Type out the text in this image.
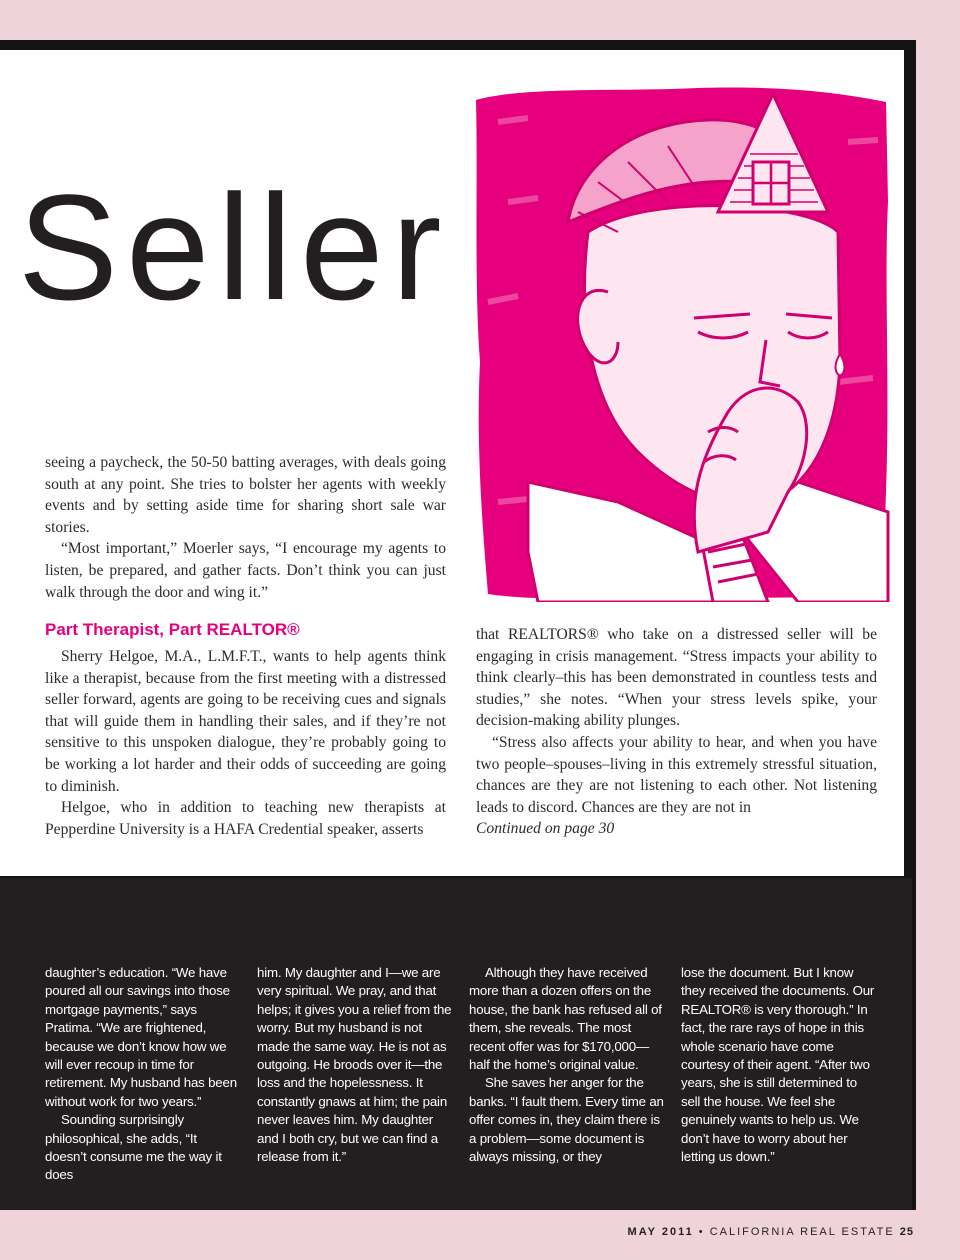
Seller

seeing a paycheck, the 50-50 batting averages, with deals going south at any point. She tries to bolster her agents with weekly events and by setting aside time for sharing short sale war stories.

“Most important,” Moerler says, “I encourage my agents to listen, be prepared, and gather facts. Don’t think you can just walk through the door and wing it.”

Part Therapist, Part REALTOR®

Sherry Helgoe, M.A., L.M.F.T., wants to help agents think like a therapist, because from the first meeting with a distressed seller forward, agents are going to be receiving cues and signals that will guide them in handling their sales, and if they’re not sensitive to this unspoken dialogue, they’re probably going to be working a lot harder and their odds of succeeding are going to diminish.

Helgoe, who in addition to teaching new therapists at Pepperdine University is a HAFA Credential speaker, asserts

that REALTORS® who take on a distressed seller will be engaging in crisis management. “Stress impacts your ability to think clearly–this has been demonstrated in countless tests and studies,” she notes. “When your stress levels spike, your decision-making ability plunges.

“Stress also affects your ability to hear, and when you have two people–spouses–living in this extremely stressful situation, chances are they are not listening to each other. Not listening leads to discord. Chances are they are not in

Continued on page 30

daughter’s education. “We have poured all our savings into those mortgage payments,” says Pratima. “We are frightened, because we don’t know how we will ever recoup in time for retirement. My husband has been without work for two years.”

Sounding surprisingly philosophical, she adds, “It doesn’t consume me the way it does

him. My daughter and I—we are very spiritual. We pray, and that helps; it gives you a relief from the worry. But my husband is not made the same way. He is not as outgoing. He broods over it—the loss and the hopelessness. It constantly gnaws at him; the pain never leaves him. My daughter and I both cry, but we can find a release from it.”

Although they have received more than a dozen offers on the house, the bank has refused all of them, she reveals. The most recent offer was for $170,000—half the home’s original value.

She saves her anger for the banks. “I fault them. Every time an offer comes in, they claim there is a problem—some document is always missing, or they

lose the document. But I know they received the documents. Our REALTOR® is very thorough.” In fact, the rare rays of hope in this whole scenario have come courtesy of their agent. “After two years, she is still determined to sell the house. We feel she genuinely wants to help us. We don’t have to worry about her letting us down.”

MAY 2011 • CALIFORNIA REAL ESTATE 25
